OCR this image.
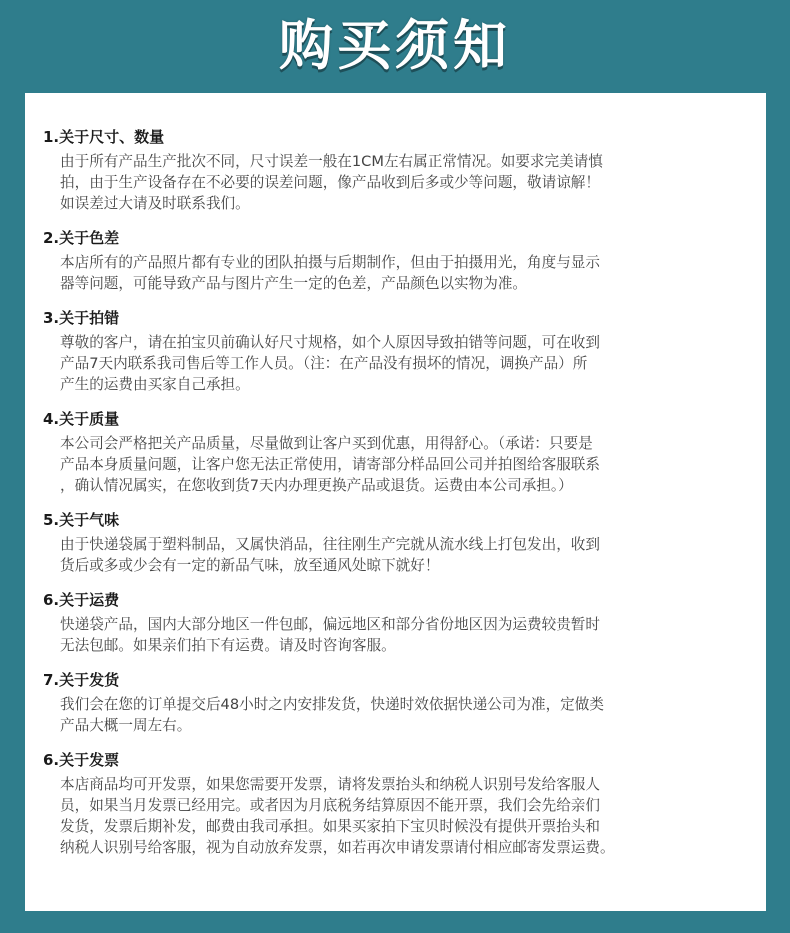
购买须知
1.关于尺寸、数量
由于所有产品生产批次不同，尺寸误差一般在1CM左右属正常情况。如要求完美请慎
拍，由于生产设备存在不必要的误差问题，像产品收到后多或少等问题，敬请谅解！
如误差过大请及时联系我们。
2.关于色差
本店所有的产品照片都有专业的团队拍摄与后期制作，但由于拍摄用光，角度与显示
器等问题，可能导致产品与图片产生一定的色差，产品颜色以实物为准。
3.关于拍错
尊敬的客户，请在拍宝贝前确认好尺寸规格，如个人原因导致拍错等问题，可在收到
产品7天内联系我司售后等工作人员。（注：在产品没有损坏的情况，调换产品）所
产生的运费由买家自己承担。
4.关于质量
本公司会严格把关产品质量，尽量做到让客户买到优惠，用得舒心。（承诺：只要是
产品本身质量问题，让客户您无法正常使用，请寄部分样品回公司并拍图给客服联系
，确认情况属实，在您收到货7天内办理更换产品或退货。运费由本公司承担。）
5.关于气味
由于快递袋属于塑料制品，又属快消品，往往刚生产完就从流水线上打包发出，收到
货后或多或少会有一定的新品气味，放至通风处晾下就好！
6.关于运费
快递袋产品，国内大部分地区一件包邮，偏远地区和部分省份地区因为运费较贵暂时
无法包邮。如果亲们拍下有运费。请及时咨询客服。
7.关于发货
我们会在您的订单提交后48小时之内安排发货，快递时效依据快递公司为准，定做类
产品大概一周左右。
6.关于发票
本店商品均可开发票，如果您需要开发票，请将发票抬头和纳税人识别号发给客服人
员，如果当月发票已经用完。或者因为月底税务结算原因不能开票，我们会先给亲们
发货，发票后期补发，邮费由我司承担。如果买家拍下宝贝时候没有提供开票抬头和
纳税人识别号给客服，视为自动放弃发票，如若再次申请发票请付相应邮寄发票运费。
